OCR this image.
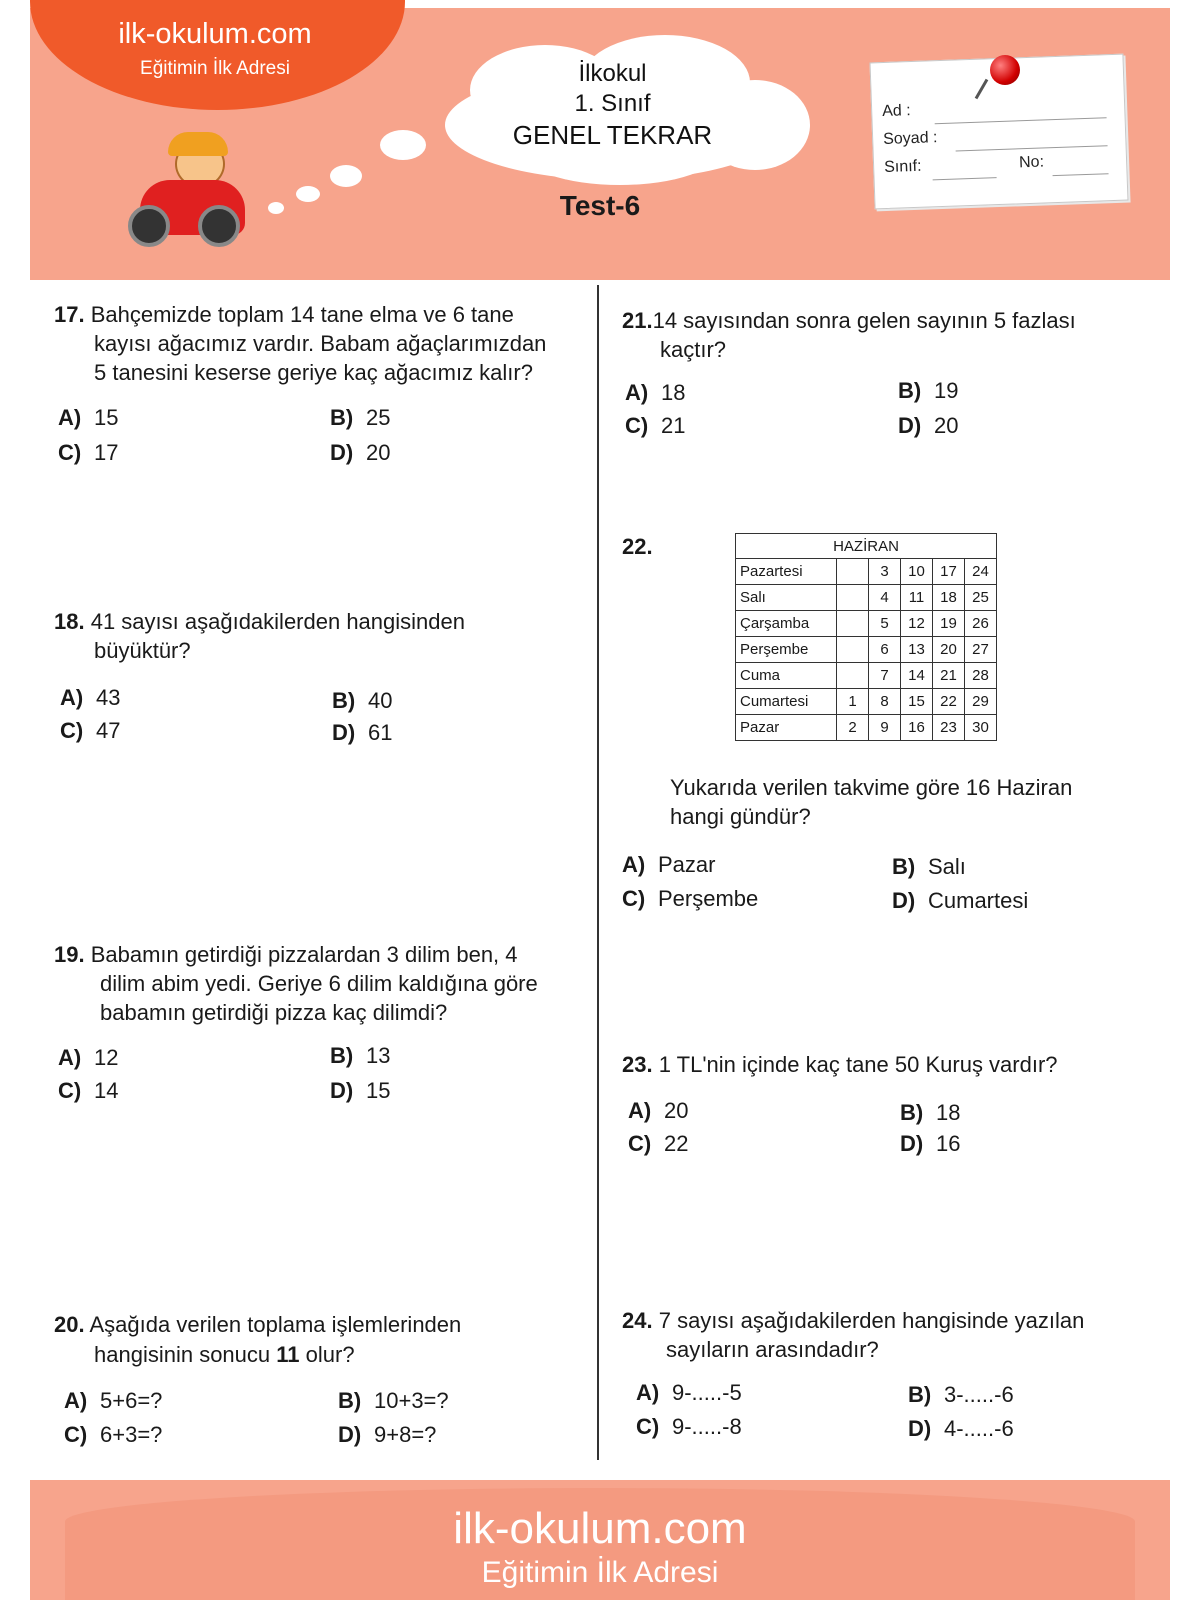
ilk-okulum.com
Eğitimin İlk Adresi	İlkokul
1. Sınıf
GENEL TEKRAR
Test-6
Ad :
Soyad :
Sınıf:	No:
17. Bahçemizde toplam 14 tane elma ve 6 tane
kayısı ağacımız vardır. Babam ağaçlarımızdan
5 tanesini keserse geriye kaç ağacımız kalır?
A) 15	B) 25
C) 17	D) 20
18. 41 sayısı aşağıdakilerden hangisinden
büyüktür?
A) 43	B) 40
C) 47	D) 61
19. Babamın getirdiği pizzalardan 3 dilim ben, 4
dilim abim yedi. Geriye 6 dilim kaldığına göre
babamın getirdiği pizza kaç dilimdi?
A) 12	B) 13
C) 14	D) 15
20. Aşağıda verilen toplama işlemlerinden
hangisinin sonucu 11 olur?
A) 5+6=?	B) 10+3=?
C) 6+3=?	D) 9+8=?
21.14 sayısından sonra gelen sayının 5 fazlası
kaçtır?
A) 18	B) 19
C) 21	D) 20
22.	HAZİRAN					
Pazartesi		3	10	17	24
Salı		4	11	18	25
Çarşamba		5	12	19	26
Perşembe		6	13	20	27
Cuma		7	14	21	28
Cumartesi	1	8	15	22	29
Pazar	2	9	16	23	30
Yukarıda verilen takvime göre 16 Haziran
hangi gündür?
A) Pazar	B) Salı
C) Perşembe	D) Cumartesi
23. 1 TL'nin içinde kaç tane 50 Kuruş vardır?
A) 20	B) 18
C) 22	D) 16
24. 7 sayısı aşağıdakilerden hangisinde yazılan
sayıların arasındadır?
A) 9-.....-5	B) 3-.....-6
C) 9-.....-8	D) 4-.....-6
ilk-okulum.com
Eğitimin İlk Adresi
